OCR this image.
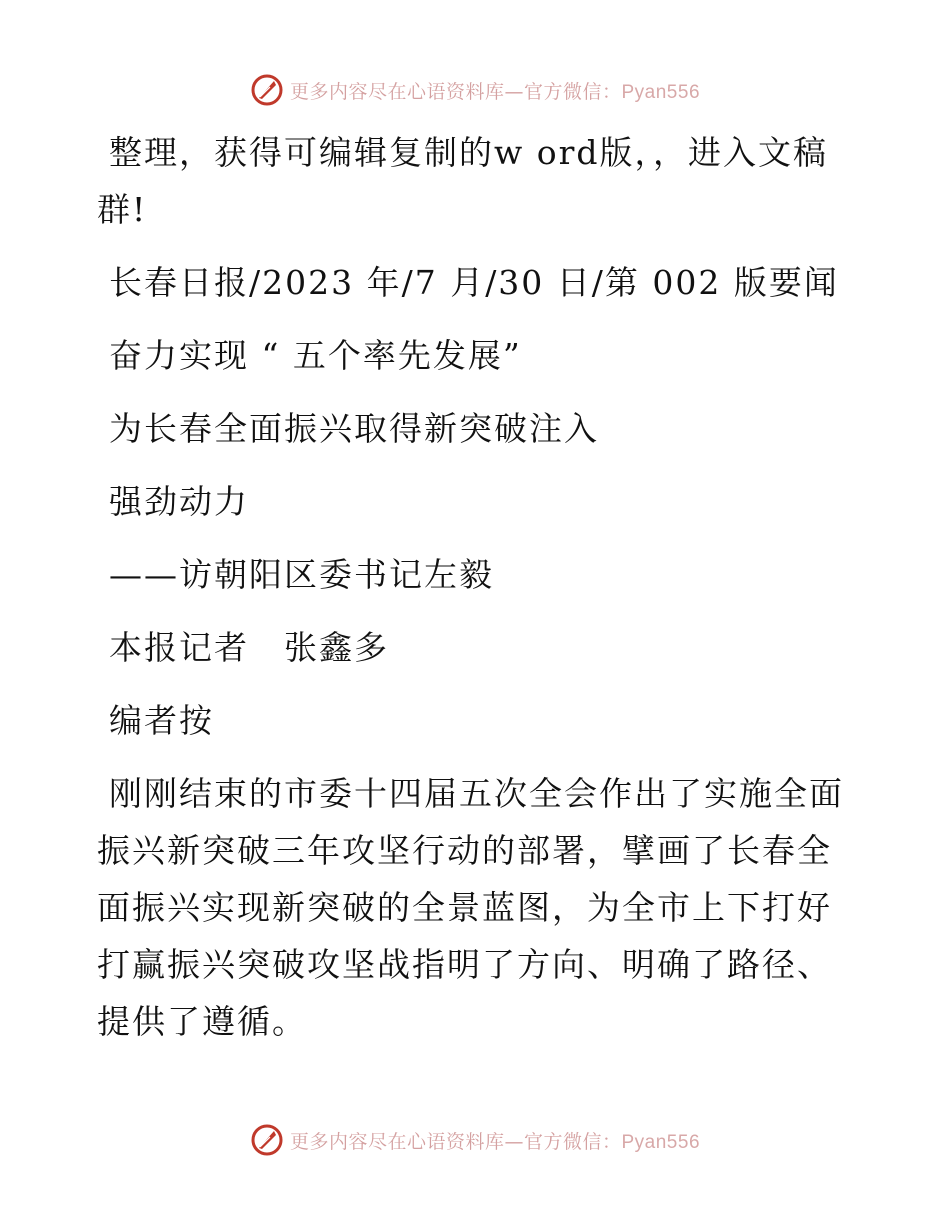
更多内容尽在心语资料库—官方微信：Pyan556

整理，获得可编辑复制的w ord版，，进入文稿群!

长春日报/2023 年/7 月/30 日/第 002 版要闻

奋力实现 “ 五个率先发展”

为长春全面振兴取得新突破注入

强劲动力

——访朝阳区委书记左毅

本报记者　张鑫多

编者按

刚刚结束的市委十四届五次全会作出了实施全面振兴新突破三年攻坚行动的部署，擘画了长春全面振兴实现新突破的全景蓝图，为全市上下打好打赢振兴突破攻坚战指明了方向、明确了路径、提供了遵循。

更多内容尽在心语资料库—官方微信：Pyan556
